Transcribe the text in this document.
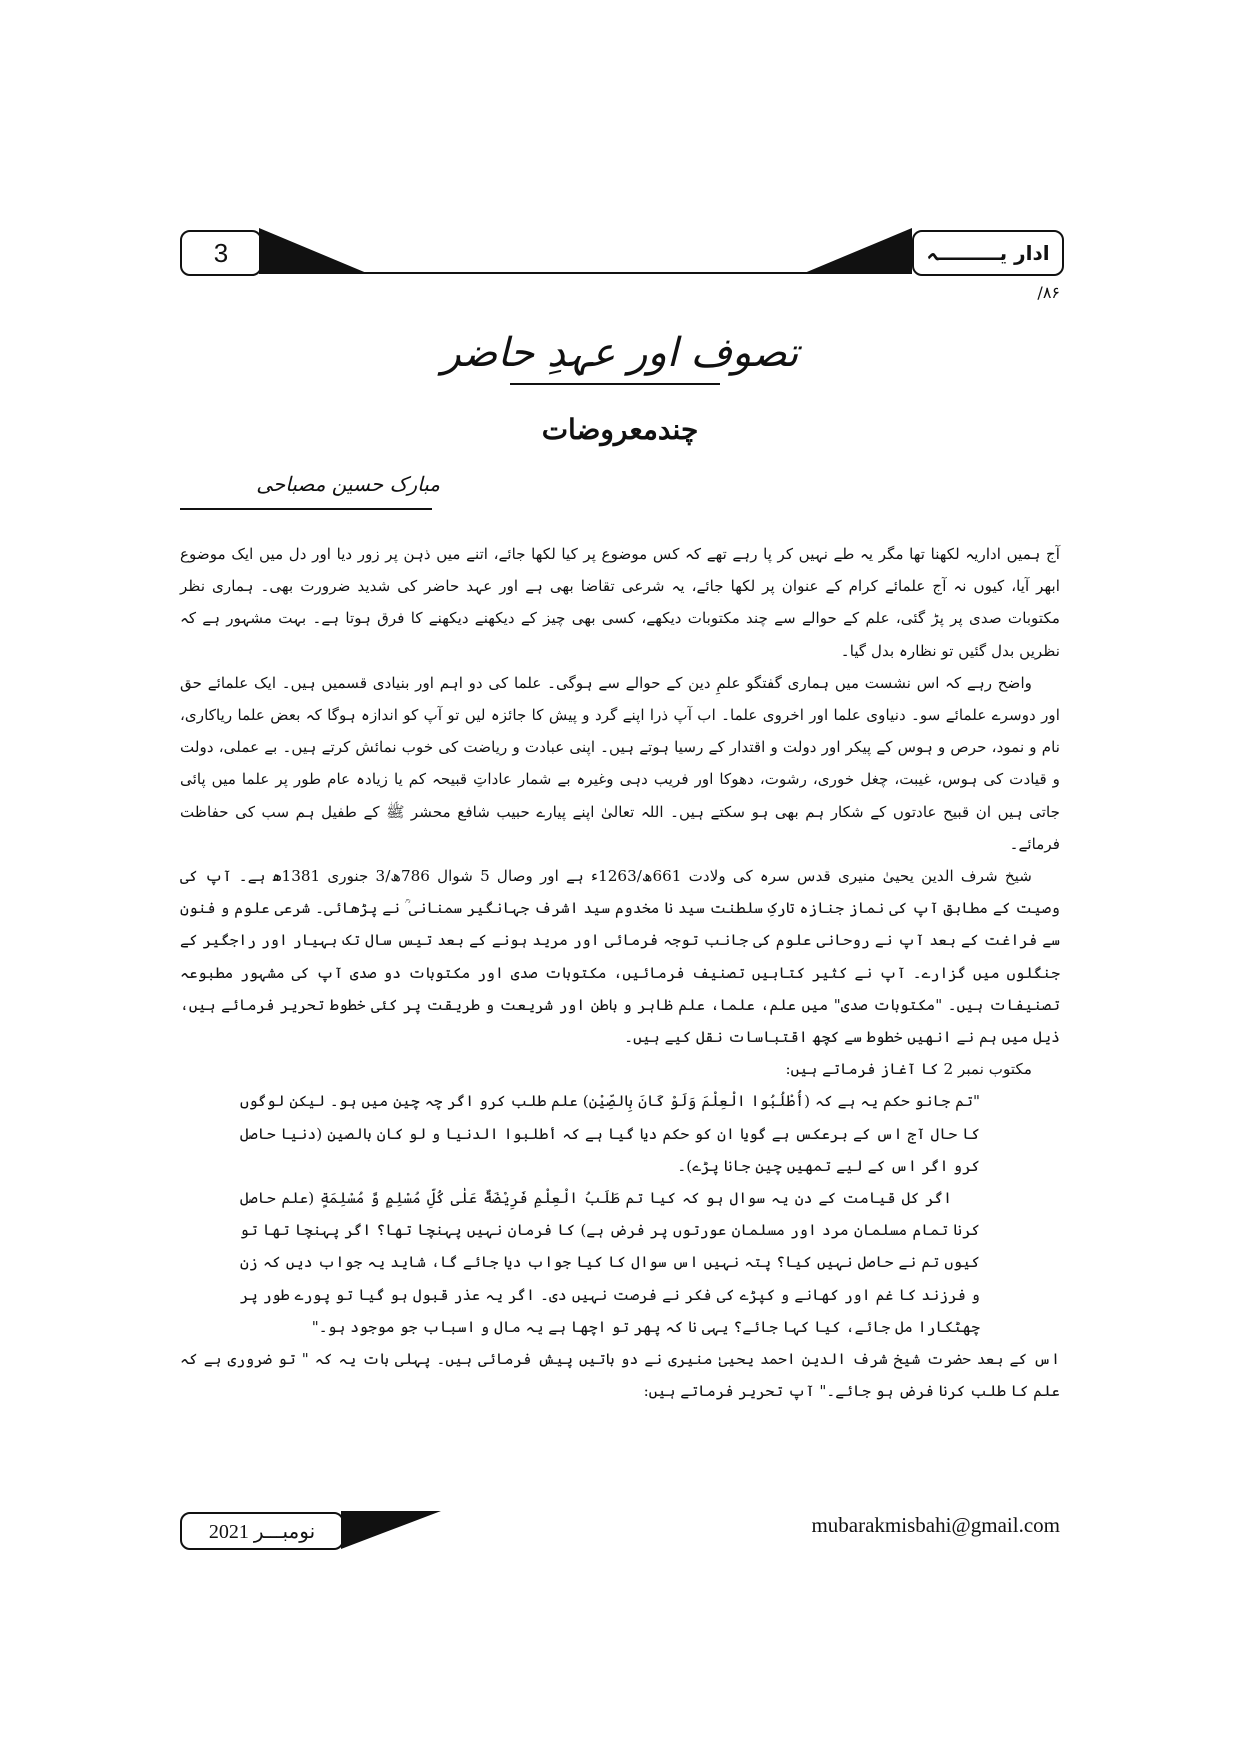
3	ادار یـــــــــہ
۸۶/
تصوف اور عہدِ حاضر
چندمعروضات
مبارک حسین مصباحی

آج ہمیں اداریہ لکھنا تھا مگر یہ طے نہیں کر پا رہے تھے کہ کس موضوع پر کیا لکھا جائے، اتنے میں ذہن پر زور دیا اور دل میں ایک موضوع ابھر آیا، کیوں نہ آج علمائے کرام کے عنوان پر لکھا جائے، یہ شرعی تقاضا بھی ہے اور عہد حاضر کی شدید ضرورت بھی۔ ہماری نظر مکتوبات صدی پر پڑ گئی، علم کے حوالے سے چند مکتوبات دیکھے، کسی بھی چیز کے دیکھنے دیکھنے کا فرق ہوتا ہے۔ بہت مشہور ہے کہ نظریں بدل گئیں تو نظارہ بدل گیا۔

واضح رہے کہ اس نشست میں ہماری گفتگو علمِ دین کے حوالے سے ہوگی۔ علما کی دو اہم اور بنیادی قسمیں ہیں۔ ایک علمائے حق اور دوسرے علمائے سو۔ دنیاوی علما اور اخروی علما۔ اب آپ ذرا اپنے گرد و پیش کا جائزہ لیں تو آپ کو اندازہ ہوگا کہ بعض علما ریاکاری، نام و نمود، حرص و ہوس کے پیکر اور دولت و اقتدار کے رسیا ہوتے ہیں۔ اپنی عبادت و ریاضت کی خوب نمائش کرتے ہیں۔ بے عملی، دولت و قیادت کی ہوس، غیبت، چغل خوری، رشوت، دھوکا اور فریب دہی وغیرہ بے شمار عاداتِ قبیحہ کم یا زیادہ عام طور پر علما میں پائی جاتی ہیں ان قبیح عادتوں کے شکار ہم بھی ہو سکتے ہیں۔ اللہ تعالیٰ اپنے پیارے حبیب شافع محشر ﷺ کے طفیل ہم سب کی حفاظت فرمائے۔

شیخ شرف الدین یحییٰ منیری قدس سرہ کی ولادت 661ھ/1263ء ہے اور وصال 5 شوال 786ھ/3 جنوری 1381ھ ہے۔ آپ کی وصیت کے مطابق آپ کی نماز جنازہ تارکِ سلطنت سید نا مخدوم سید اشرف جہانگیر سمنانی ؒ نے پڑھائی۔ شرعی علوم و فنون سے فراغت کے بعد آپ نے روحانی علوم کی جانب توجہ فرمائی اور مرید ہونے کے بعد تیس سال تک بہیار اور راجگیر کے جنگلوں میں گزارے۔ آپ نے کثیر کتابیں تصنیف فرمائیں، مکتوبات صدی اور مکتوبات دو صدی آپ کی مشہور مطبوعہ تصنیفات ہیں۔ "مکتوبات صدی" میں علم، علما، علم ظاہر و باطن اور شریعت و طریقت پر کئی خطوط تحریر فرمائے ہیں، ذیل میں ہم نے انھیں خطوط سے کچھ اقتباسات نقل کیے ہیں۔

مکتوب نمبر 2 کا آغاز فرماتے ہیں:

"تم جانو حکم یہ ہے کہ (أُطْلُبُوا الْعِلْمَ وَلَوْ كَانَ بِالصِّيْنِ) علم طلب کرو اگر چہ چین میں ہو۔ لیکن لوگوں کا حال آج اس کے برعکس ہے گویا ان کو حکم دیا گیا ہے کہ أطلبوا الدنيا و لو كان بالصين (دنیا حاصل کرو اگر اس کے لیے تمھیں چین جانا پڑے)۔

اگر کل قیامت کے دن یہ سوال ہو کہ کیا تم طَلَبُ الْعِلْمِ فَرِيْضَةٌ عَلٰى كُلِّ مُسْلِمٍ وَّ مُسْلِمَةٍ (علم حاصل کرنا تمام مسلمان مرد اور مسلمان عورتوں پر فرض ہے) کا فرمان نہیں پہنچا تھا؟ اگر پہنچا تھا تو کیوں تم نے حاصل نہیں کیا؟ پتہ نہیں اس سوال کا کیا جواب دیا جائے گا، شاید یہ جواب دیں کہ زن و فرزند کا غم اور کھانے و کپڑے کی فکر نے فرصت نہیں دی۔ اگر یہ عذر قبول ہو گیا تو پورے طور پر چھٹکارا مل جائے، کیا کہا جائے؟ یہی نا کہ پھر تو اچھا ہے یہ مال و اسباب جو موجود ہو۔"

اس کے بعد حضرت شیخ شرف الدین احمد یحییٰ منیری نے دو باتیں پیش فرمائی ہیں۔ پہلی بات یہ کہ " تو ضروری ہے کہ علم کا طلب کرنا فرض ہو جائے۔" آپ تحریر فرماتے ہیں:

نومبـــر 2021	mubarakmisbahi@gmail.com
